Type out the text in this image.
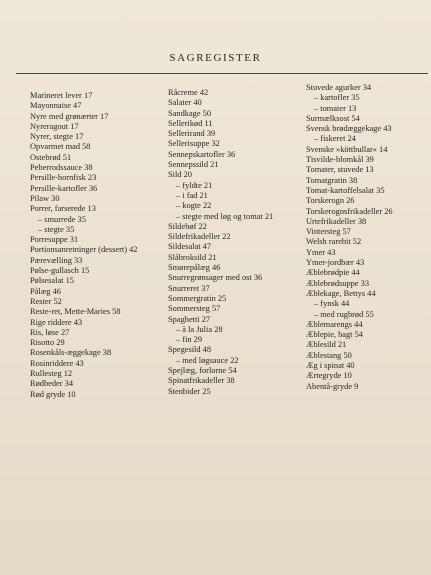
SAGREGISTER
Marineret lever 17
Mayonnaise 47
Nyre med grønærter 17
Nyreragout 17
Nyrer, stegte 17
Opvarmet mad 58
Ostebrød 51
Peberrodssauce 38
Persille-hornfisk 23
Persille-kartofler 36
Pilaw 30
Porrer, farserede 13
– smurrede 35
– stegte 35
Porresuppe 31
Portionsanretninger (dessert) 42
Pærevælling 33
Pølse-gullasch 15
Pølsesalat 15
Pålæg 46
Rester 52
Reste-ret, Mette-Maries 58
Rige riddere 43
Ris, løse 27
Risotto 29
Rosenkåls-æggekage 38
Rosinriddere 43
Rullesteg 12
Rødbeder 34
Rød gryde 10
Råcreme 42
Salater 40
Sandkage 50
Sellerikød 11
Sellerirand 39
Sellerisuppe 32
Sennepskartofler 36
Sennepssild 21
Sild 20
– fyldte 21
– i fad 21
– kogte 22
– stegte med løg og tomat 21
Sildebøf 22
Sildefrikadeller 22
Sildesalat 47
Slåbroksild 21
Smørepålæg 46
Snurregrønsager med ost 36
Snurreret 37
Sommergratin 25
Sommersteg 57
Spaghetti 27
– à la Julia 28
– fin 29
Spegesild 48
– med løgsauce 22
Spejlæg, forlorne 54
Spinatfrikadeller 38
Stenbider 25
Stuvede agurker 34
– kartofler 35
– tomater 13
Surmælksost 54
Svensk brødæggekage 43
– fiskeret 24
Svenske »köttbullar« 14
Tisvilde-blomkål 39
Tomater, stuvede 13
Tomatgratin 38
Tomat-kartoffelsalat 35
Torskerogn 26
Torskerognsfrikadeller 26
Urtefrikadeller 38
Vintersteg 57
Welsh rarebit 52
Ymer 43
Ymer-jordbær 43
Æblebrødpie 44
Æblebrødsuppe 33
Æblekage, Bettys 44
– fynsk 44
– med rugbrød 55
Æblemarengs 44
Æblepie, bagt 54
Æblesild 21
Æblestang 50
Æg i spinat 40
Ærtegryde 10
Abentå-gryde 9
